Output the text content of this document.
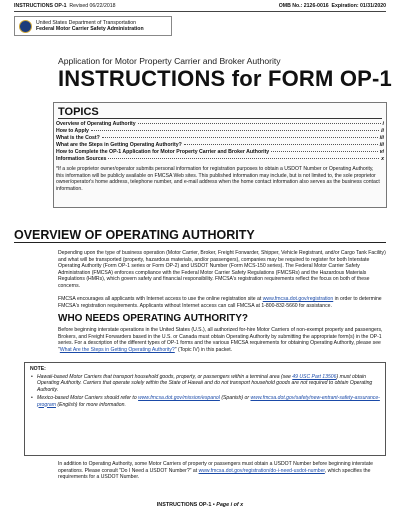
INSTRUCTIONS OP-1 Revised 06/22/2018	OMB No.: 2126-0016 Expiration: 01/31/2020
United States Department of Transportation
Federal Motor Carrier Safety Administration
Application for Motor Property Carrier and Broker Authority
INSTRUCTIONS for FORM OP-1
TOPICS
Overview of Operating Authority	i
How to Apply	ii
What is the Cost?	iii
What are the Steps in Getting Operating Authority?	iii
How to Complete the OP-1 Application for Motor Property Carrier and Broker Authority	vi
Information Sources	x
*If a sole proprietor owner/operator submits personal information for registration purposes to obtain a USDOT Number or Operating Authority, this information will be publicly available on FMCSA Web sites. This published information may include, but is not limited to, the sole proprietor owner/operator's home address, telephone number, and e-mail address when the home contact information also serves as the business contact information.
OVERVIEW OF OPERATING AUTHORITY
Depending upon the type of business operation (Motor Carrier, Broker, Freight Forwarder, Shipper, Vehicle Registrant, and/or Cargo Tank Facility) and what will be transported (property, hazardous materials, and/or passengers), companies may be required to register for both Interstate Operating Authority (Form OP-1 series or Form OP-2) and USDOT Number (Form MCS-150 series). The Federal Motor Carrier Safety Administration (FMCSA) enforces compliance with the Federal Motor Carrier Safety Regulations (FMCSRs) and the Hazardous Materials Regulations (HMRs), which govern safety and financial responsibility. FMCSA's registration requirements reflect the focus on both of these concerns.
FMCSA encourages all applicants with Internet access to use the online registration site at www.fmcsa.dot.gov/registration in order to determine FMCSA's registration requirements. Applicants without Internet access can call FMCSA at 1-800-832-5660 for assistance.
WHO NEEDS OPERATING AUTHORITY?
Before beginning interstate operations in the United States (U.S.), all authorized for-hire Motor Carriers of non-exempt property and passengers, Brokers, and Freight Forwarders based in the U.S. or Canada must obtain Operating Authority by submitting the appropriate form(s) in the OP-1 series. For a description of the different types of OP-1 forms and the various FMCSA requirements for obtaining Operating Authority, please see "What Are the Steps in Getting Operating Authority?" (Topic IV) in this packet.
NOTE:
• Hawaii-based Motor Carriers that transport household goods, property, or passengers within a terminal area (see 49 USC Part 13506) must obtain Operating Authority. Carriers that operate solely within the State of Hawaii and do not transport household goods are not required to obtain Operating Authority.
• Mexico-based Motor Carriers should refer to www.fmcsa.dot.gov/mission/espanol (Spanish) or www.fmcsa.dot.gov/safety/new-entrant-safety-assurance-program (English) for more information.
In addition to Operating Authority, some Motor Carriers of property or passengers must obtain a USDOT Number before beginning interstate operations. Please consult "Do I Need a USDOT Number?" at www.fmcsa.dot.gov/registration/do-i-need-usdot-number, which specifies the requirements for a USDOT Number.
INSTRUCTIONS OP-1 • Page i of x
